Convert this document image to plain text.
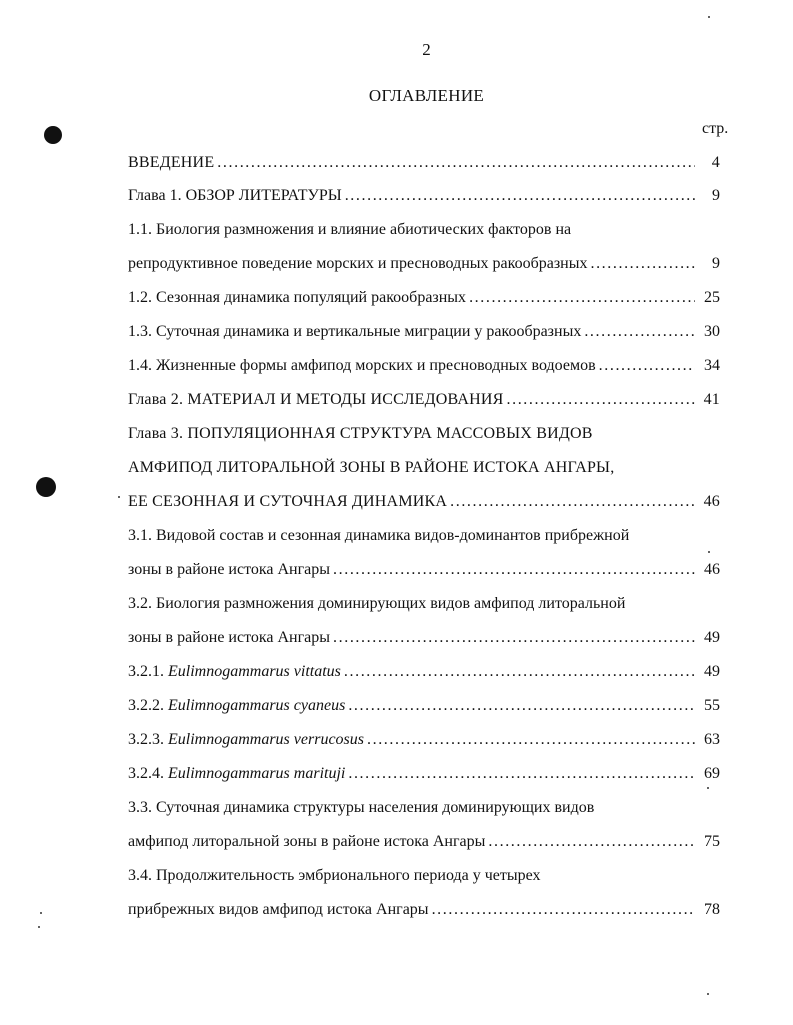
2
ОГЛАВЛЕНИЕ
стр.
ВВЕДЕНИЕ . . .	4
Глава 1. ОБЗОР ЛИТЕРАТУРЫ . . .	9
1.1. Биология размножения и влияние абиотических факторов на
репродуктивное поведение морских и пресноводных ракообразных . . .	9
1.2. Сезонная динамика популяций ракообразных . . .	25
1.3. Суточная динамика и вертикальные миграции у ракообразных . . .	30
1.4. Жизненные формы амфипод морских и пресноводных водоемов . . .	34
Глава 2. МАТЕРИАЛ И МЕТОДЫ ИССЛЕДОВАНИЯ . . .	41
Глава 3. ПОПУЛЯЦИОННАЯ СТРУКТУРА МАССОВЫХ ВИДОВ
АМФИПОД ЛИТОРАЛЬНОЙ ЗОНЫ В РАЙОНЕ ИСТОКА АНГАРЫ,
ЕЕ СЕЗОННАЯ И СУТОЧНАЯ ДИНАМИКА . . .	46
3.1. Видовой состав и сезонная динамика видов-доминантов прибрежной
зоны в районе истока Ангары . . .	46
3.2. Биология размножения доминирующих видов амфипод литоральной
зоны в районе истока Ангары . . .	49
3.2.1. Eulimnogammarus vittatus . . .	49
3.2.2. Eulimnogammarus cyaneus . . .	55
3.2.3. Eulimnogammarus verrucosus . . .	63
3.2.4. Eulimnogammarus marituji . . .	69
3.3. Суточная динамика структуры населения доминирующих видов
амфипод литоральной зоны в районе истока Ангары . . .	75
3.4. Продолжительность эмбрионального периода у четырех
прибрежных видов амфипод истока Ангары . . .	78
